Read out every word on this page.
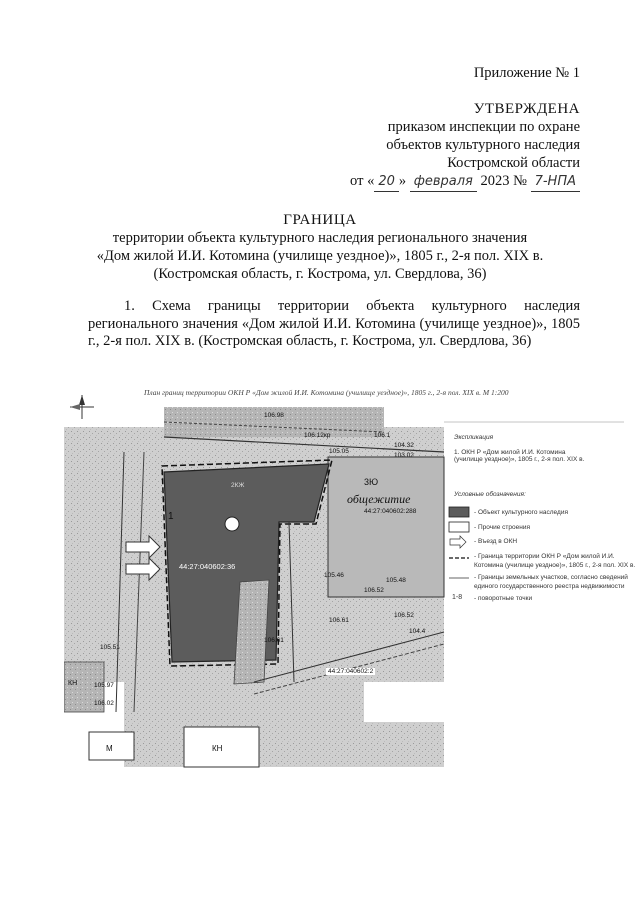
Приложение № 1
УТВЕРЖДЕНА
приказом инспекции по охране
объектов культурного наследия
Костромской области
от « 20 » февраля 2023 № 7-НПА
ГРАНИЦА
территории объекта культурного наследия регионального значения
«Дом жилой И.И. Котомина (училище уездное)», 1805 г., 2-я пол. XIX в.
(Костромская область, г. Кострома, ул. Свердлова, 36)
1. Схема границы территории объекта культурного наследия регионального значения «Дом жилой И.И. Котомина (училище уездное)», 1805 г., 2-я пол. XIX в. (Костромская область, г. Кострома, ул. Свердлова, 36)
План границ территории ОКН Р «Дом жилой И.И. Котомина (училище уездное)», 1805 г., 2-я пол. XIX в. М 1:200
1
44:27:040602:36
3Ю
общежитие
44:27:040602:288
2КЖ
44:27:040602:2
М	КН
КН
106.98
106.12кр	106.1
105.05
104.32
103.02
105.46
106.52
105.48
106.52
105.51
105.97
106.02
106.61
106.61
104.4
Экспликация
1. ОКН Р «Дом жилой И.И. Котомина
(училище уездное)», 1805 г., 2-я пол. XIX в.
Условные обозначения:
- Объект культурного наследия
- Прочие строения
- Въезд в ОКН
- Граница территории ОКН Р «Дом жилой И.И.
Котомина (училище уездное)», 1805 г., 2-я пол. XIX в.
- Границы земельных участков, согласно сведений
единого государственного реестра недвижимости
1-8 - поворотные точки
